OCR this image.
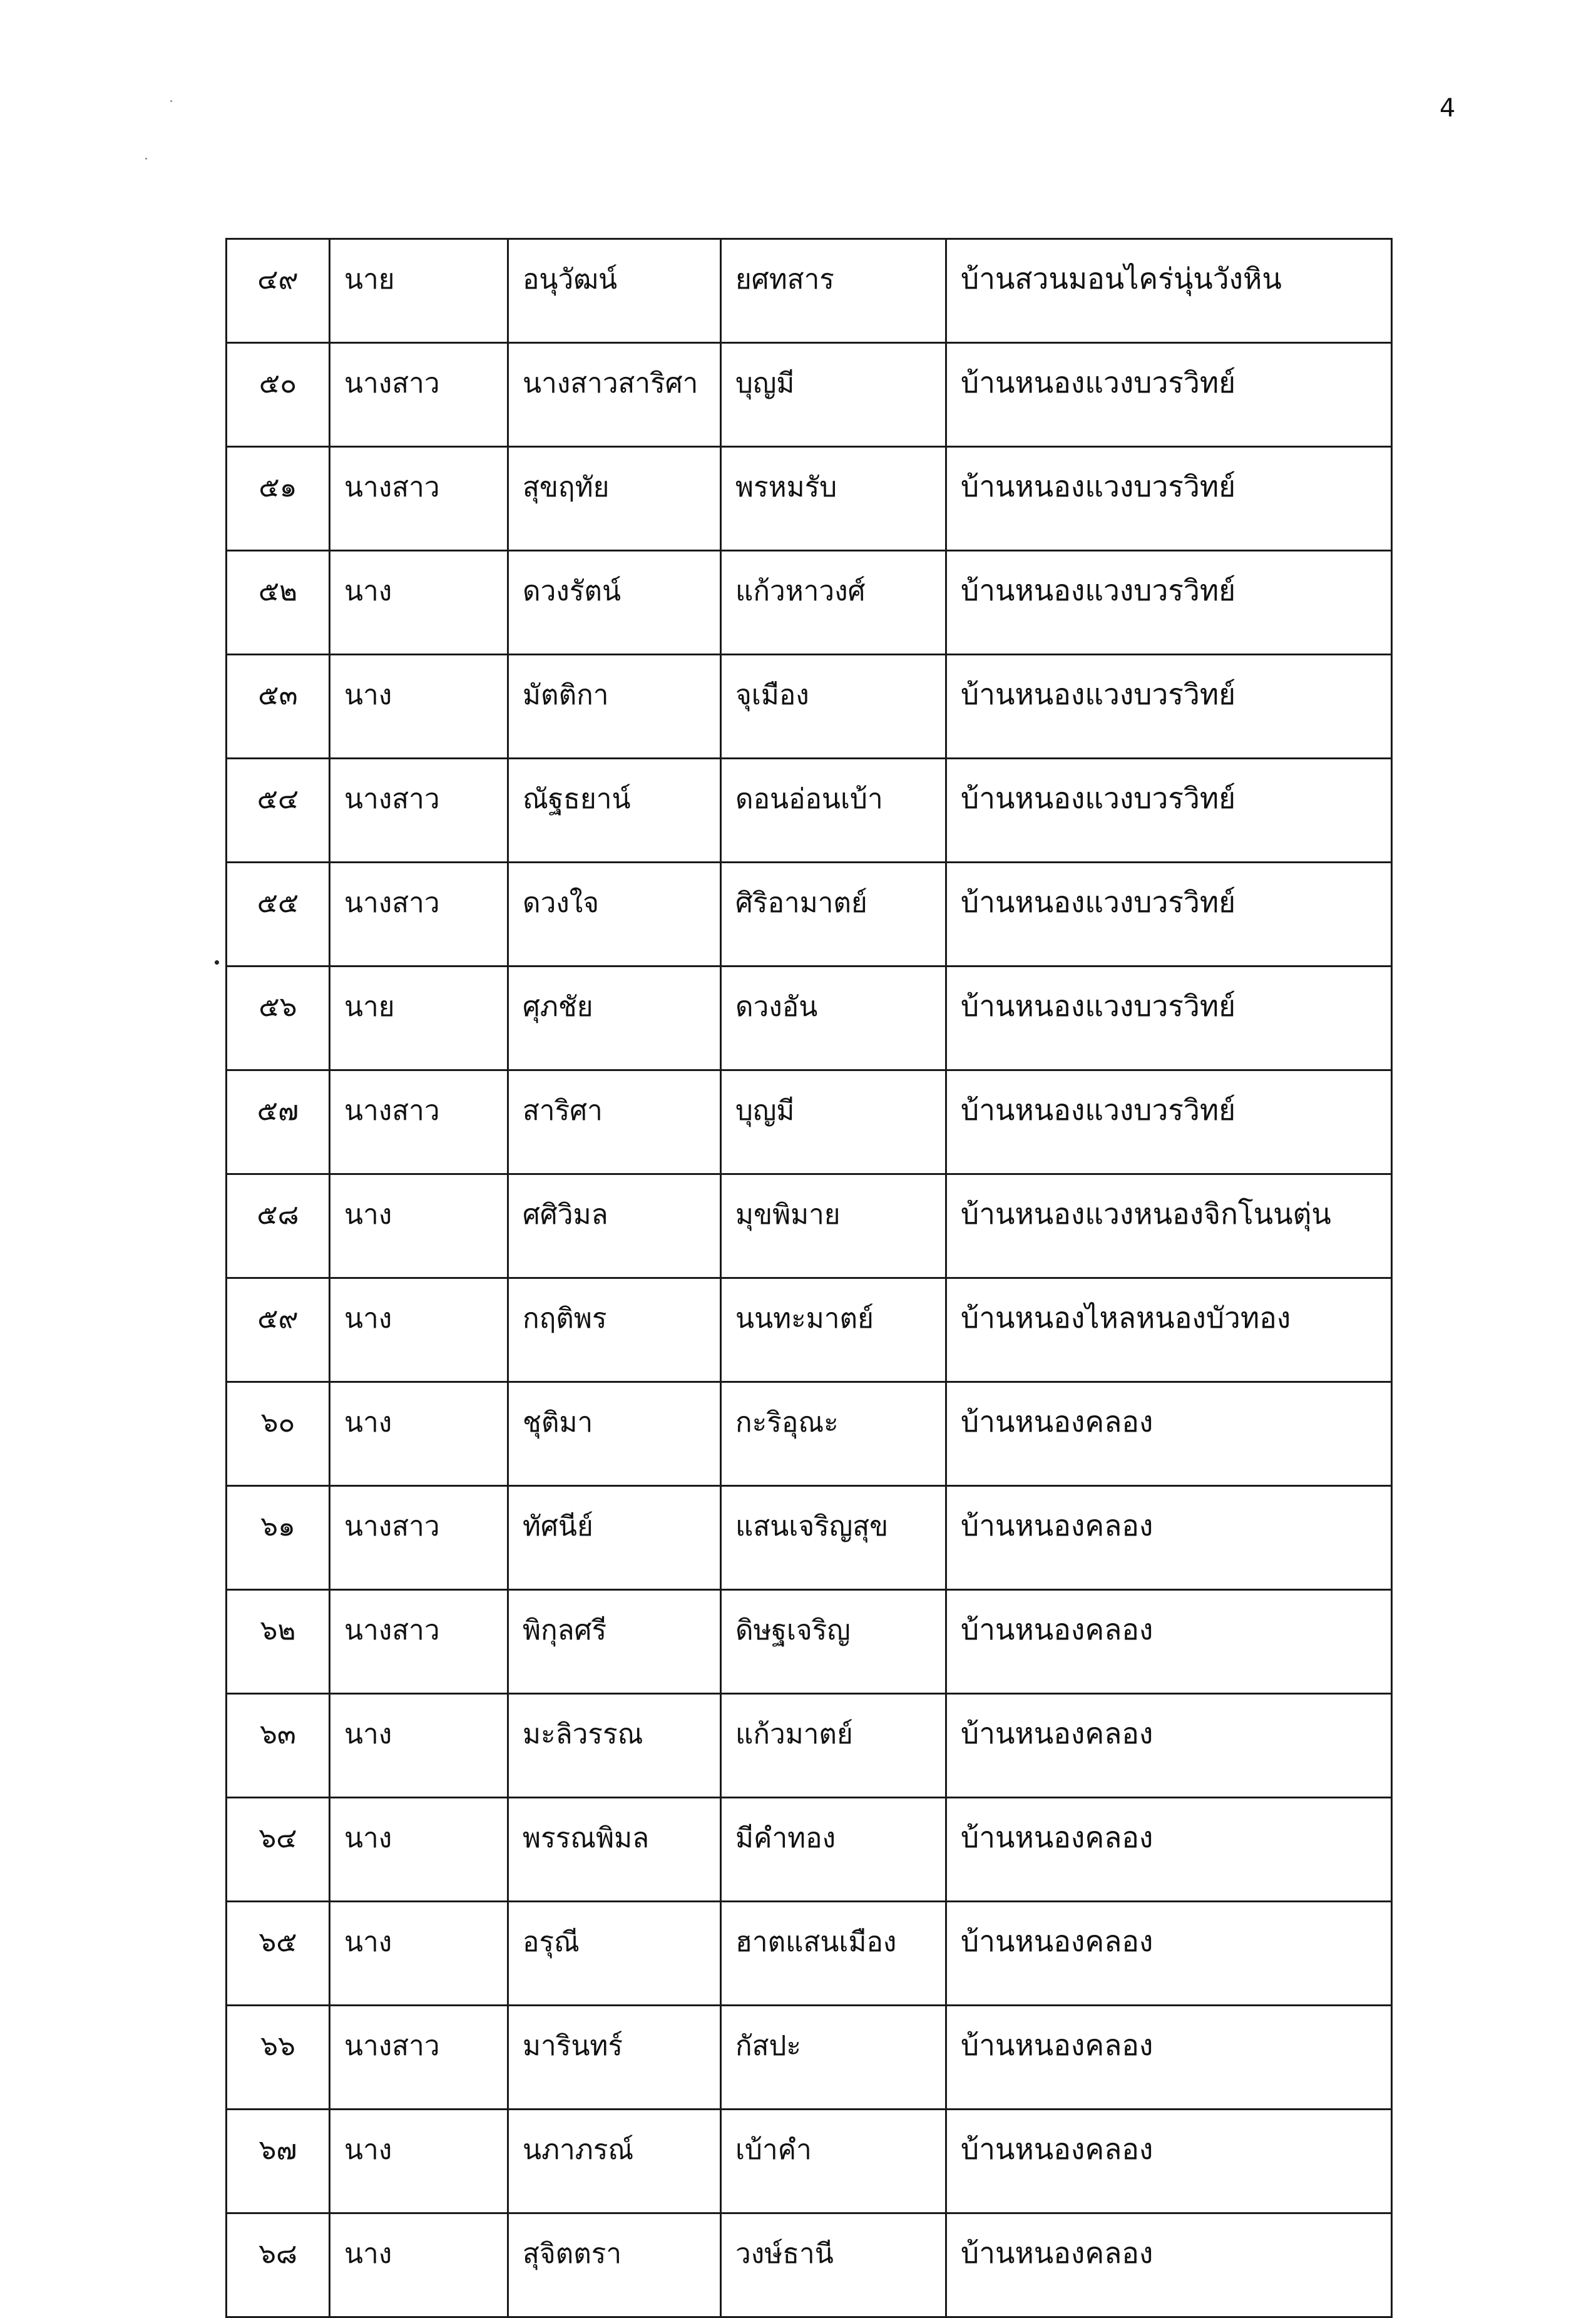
4
๔๙	นาย	อนุวัฒน์	ยศทสาร	บ้านสวนมอนไคร่นุ่นวังหิน
๕๐	นางสาว	นางสาวสาริศา	บุญมี	บ้านหนองแวงบวรวิทย์
๕๑	นางสาว	สุขฤทัย	พรหมรับ	บ้านหนองแวงบวรวิทย์
๕๒	นาง	ดวงรัตน์	แก้วหาวงศ์	บ้านหนองแวงบวรวิทย์
๕๓	นาง	มัตติกา	จุเมือง	บ้านหนองแวงบวรวิทย์
๕๔	นางสาว	ณัฐธยาน์	ดอนอ่อนเบ้า	บ้านหนองแวงบวรวิทย์
๕๕	นางสาว	ดวงใจ	ศิริอามาตย์	บ้านหนองแวงบวรวิทย์
๕๖	นาย	ศุภชัย	ดวงอัน	บ้านหนองแวงบวรวิทย์
๕๗	นางสาว	สาริศา	บุญมี	บ้านหนองแวงบวรวิทย์
๕๘	นาง	ศศิวิมล	มุขพิมาย	บ้านหนองแวงหนองจิกโนนตุ่น
๕๙	นาง	กฤติพร	นนทะมาตย์	บ้านหนองไหลหนองบัวทอง
๖๐	นาง	ชุติมา	กะริอุณะ	บ้านหนองคลอง
๖๑	นางสาว	ทัศนีย์	แสนเจริญสุข	บ้านหนองคลอง
๖๒	นางสาว	พิกุลศรี	ดิษฐเจริญ	บ้านหนองคลอง
๖๓	นาง	มะลิวรรณ	แก้วมาตย์	บ้านหนองคลอง
๖๔	นาง	พรรณพิมล	มีคำทอง	บ้านหนองคลอง
๖๕	นาง	อรุณี	ฮาตแสนเมือง	บ้านหนองคลอง
๖๖	นางสาว	มารินทร์	กัสปะ	บ้านหนองคลอง
๖๗	นาง	นภาภรณ์	เบ้าคำ	บ้านหนองคลอง
๖๘	นาง	สุจิตตรา	วงษ์ธานี	บ้านหนองคลอง
